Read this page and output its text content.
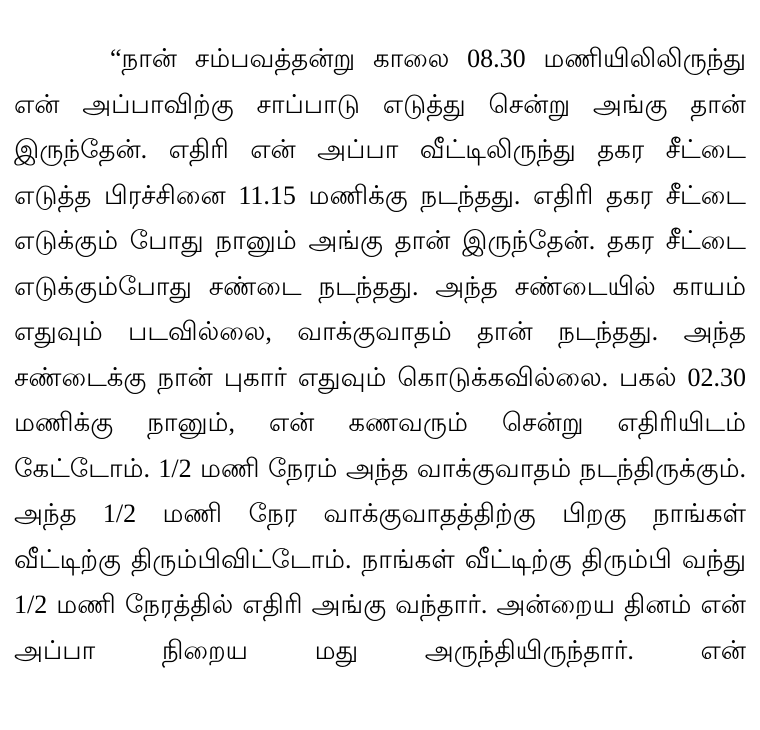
“நான் சம்பவத்தன்று காலை 08.30 மணியிலிலிருந்து என் அப்பாவிற்கு சாப்பாடு எடுத்து சென்று அங்கு தான் இருந்தேன். எதிரி என் அப்பா வீட்டிலிருந்து தகர சீட்டை எடுத்த பிரச்சினை 11.15 மணிக்கு நடந்தது. எதிரி தகர சீட்டை எடுக்கும் போது நானும் அங்கு தான் இருந்தேன். தகர சீட்டை எடுக்கும்போது சண்டை நடந்தது. அந்த சண்டையில் காயம் எதுவும் படவில்லை, வாக்குவாதம் தான் நடந்தது. அந்த சண்டைக்கு நான் புகார் எதுவும் கொடுக்கவில்லை. பகல் 02.30 மணிக்கு நானும், என் கணவரும் சென்று எதிரியிடம் கேட்டோம். 1/2 மணி நேரம் அந்த வாக்குவாதம் நடந்திருக்கும். அந்த 1/2 மணி நேர வாக்குவாதத்திற்கு பிறகு நாங்கள் வீட்டிற்கு திரும்பிவிட்டோம். நாங்கள் வீட்டிற்கு திரும்பி வந்து 1/2 மணி நேரத்தில் எதிரி அங்கு வந்தார். அன்றைய தினம் என் அப்பா நிறைய மது அருந்தியிருந்தார். என்
